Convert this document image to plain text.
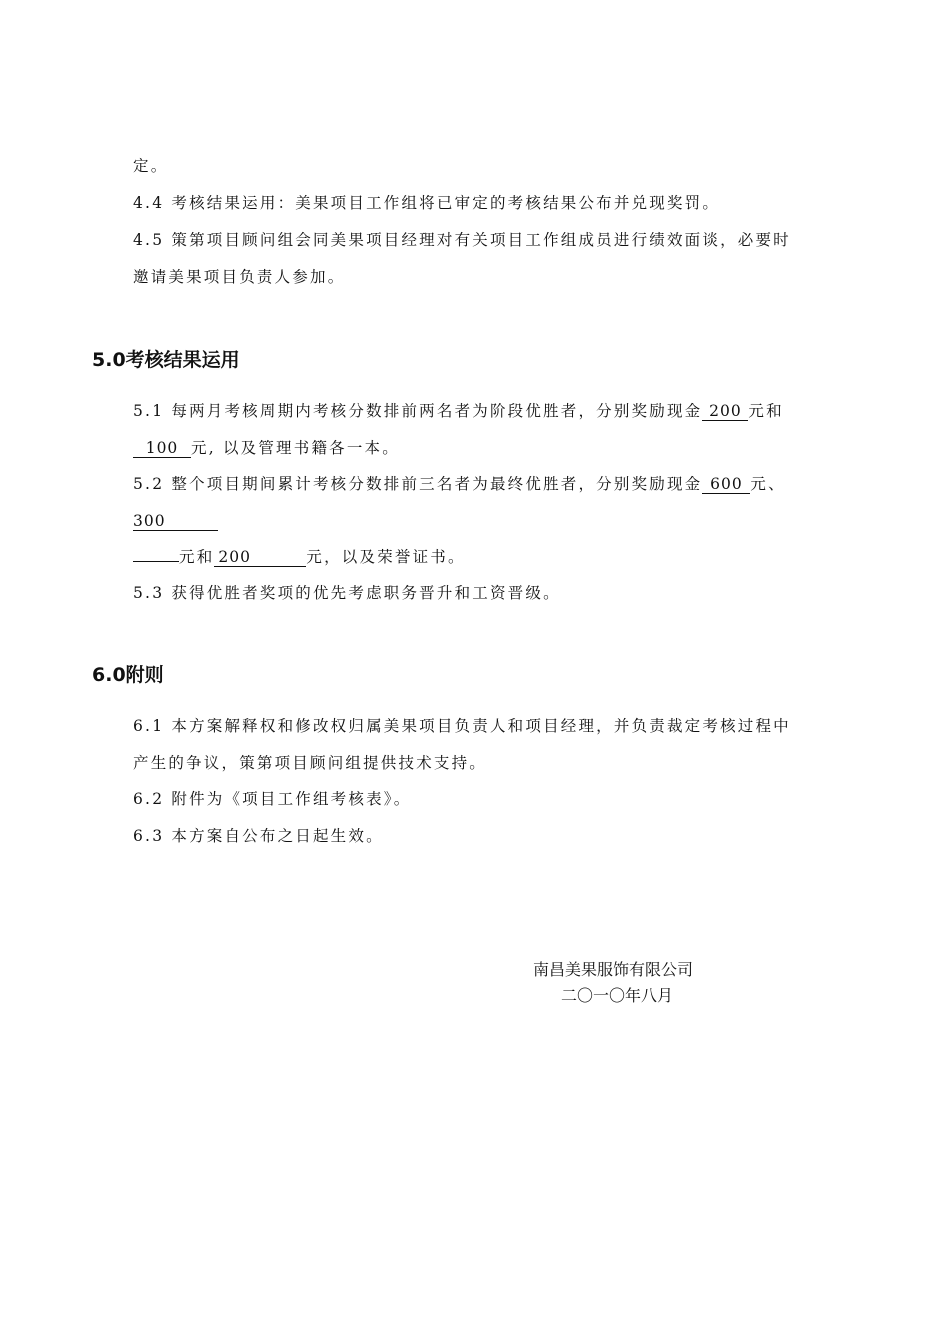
定。
4.4 考核结果运用：美果项目工作组将已审定的考核结果公布并兑现奖罚。
4.5 策第项目顾问组会同美果项目经理对有关项目工作组成员进行绩效面谈，必要时
邀请美果项目负责人参加。
5.0考核结果运用
5.1 每两月考核周期内考核分数排前两名者为阶段优胜者，分别奖励现金 200 元和
100 元, 以及管理书籍各一本。
5.2 整个项目期间累计考核分数排前三名者为最终优胜者，分别奖励现金 600 元、
300
元和 200	元，以及荣誉证书。
5.3 获得优胜者奖项的优先考虑职务晋升和工资晋级。
6.0附则
6.1 本方案解释权和修改权归属美果项目负责人和项目经理，并负责裁定考核过程中
产生的争议，策第项目顾问组提供技术支持。
6.2 附件为《项目工作组考核表》。
6.3 本方案自公布之日起生效。
南昌美果服饰有限公司
二〇一〇年八月
